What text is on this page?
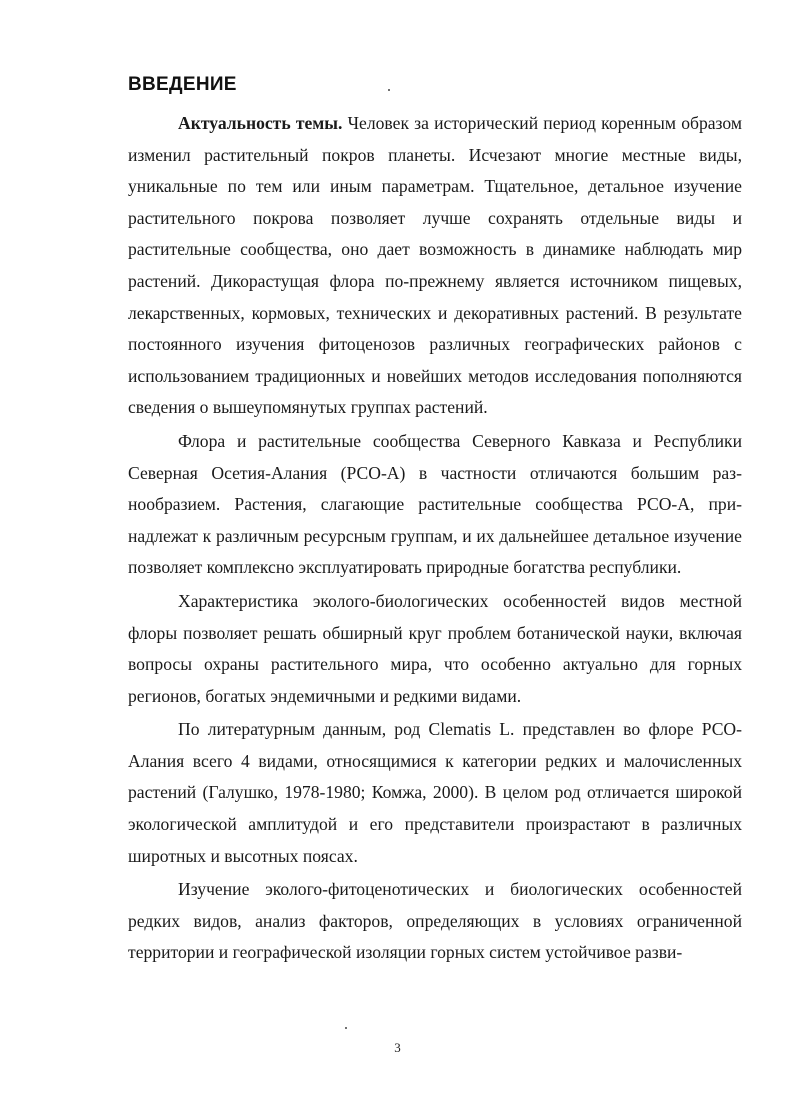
ВВЕДЕНИЕ

Актуальность темы. Человек за исторический период коренным образом изменил растительный покров планеты. Исчезают многие местные виды, уникальные по тем или иным параметрам. Тщательное, детальное изучение растительного покрова позволяет лучше сохранять отдельные виды и растительные сообщества, оно дает возможность в динамике наблюдать мир растений. Дикорастущая флора по-прежнему является источником пищевых, лекарственных, кормовых, технических и декоративных растений. В результате постоянного изучения фитоценозов различных географических районов с использованием традиционных и новейших методов исследования пополняются сведения о вышеупомянутых группах растений.

Флора и растительные сообщества Северного Кавказа и Республики Северная Осетия-Алания (РСО-А) в частности отличаются большим разнообразием. Растения, слагающие растительные сообщества РСО-А, принадлежат к различным ресурсным группам, и их дальнейшее детальное изучение позволяет комплексно эксплуатировать природные богатства республики.

Характеристика эколого-биологических особенностей видов местной флоры позволяет решать обширный круг проблем ботанической науки, включая вопросы охраны растительного мира, что особенно актуально для горных регионов, богатых эндемичными и редкими видами.

По литературным данным, род Clematis L. представлен во флоре РСО-Алания всего 4 видами, относящимися к категории редких и малочисленных растений (Галушко, 1978-1980; Комжа, 2000). В целом род отличается широкой экологической амплитудой и его представители произрастают в различных широтных и высотных поясах.

Изучение эколого-фитоценотических и биологических особенностей редких видов, анализ факторов, определяющих в условиях ограниченной территории и географической изоляции горных систем устойчивое разви-

3
